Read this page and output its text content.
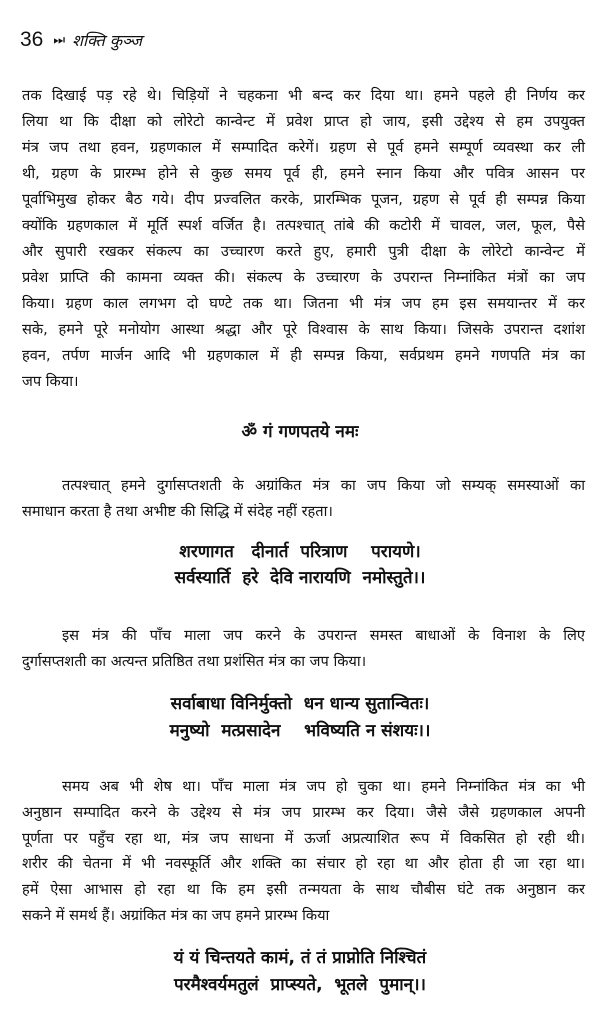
36 ⏭ शक्ति कुञ्ज
तक दिखाई पड़ रहे थे। चिड़ियों ने चहकना भी बन्द कर दिया था। हमने पहले ही निर्णय कर
लिया था कि दीक्षा को लोरेटो कान्वेन्ट में प्रवेश प्राप्त हो जाय, इसी उद्देश्य से हम उपयुक्त
मंत्र जप तथा हवन, ग्रहणकाल में सम्पादित करेगें। ग्रहण से पूर्व हमने सम्पूर्ण व्यवस्था कर ली
थी, ग्रहण के प्रारम्भ होने से कुछ समय पूर्व ही, हमने स्नान किया और पवित्र आसन पर
पूर्वाभिमुख होकर बैठ गये। दीप प्रज्वलित करके, प्रारम्भिक पूजन, ग्रहण से पूर्व ही सम्पन्न किया
क्योंकि ग्रहणकाल में मूर्ति स्पर्श वर्जित है। तत्पश्चात् तांबे की कटोरी में चावल, जल, फूल, पैसे
और सुपारी रखकर संकल्प का उच्चारण करते हुए, हमारी पुत्री दीक्षा के लोरेटो कान्वेन्ट में
प्रवेश प्राप्ति की कामना व्यक्त की। संकल्प के उच्चारण के उपरान्त निम्नांकित मंत्रों का जप
किया। ग्रहण काल लगभग दो घण्टे तक था। जितना भी मंत्र जप हम इस समयान्तर में कर
सके, हमने पूरे मनोयोग आस्था श्रद्धा और पूरे विश्वास के साथ किया। जिसके उपरान्त दशांश
हवन, तर्पण मार्जन आदि भी ग्रहणकाल में ही सम्पन्न किया, सर्वप्रथम हमने गणपति मंत्र का
जप किया।
ॐ गं गणपतये नमः
तत्पश्चात् हमने दुर्गासप्तशती के अग्रांकित मंत्र का जप किया जो सम्यक् समस्याओं का
समाधान करता है तथा अभीष्ट की सिद्धि में संदेह नहीं रहता।
शरणागत   दीनार्त  परित्राण    परायणे।
सर्वस्यार्ति  हरे  देवि नारायणि  नमोस्तुते।।
इस मंत्र की पाँच माला जप करने के उपरान्त समस्त बाधाओं के विनाश के लिए
दुर्गासप्तशती का अत्यन्त प्रतिष्ठित तथा प्रशंसित मंत्र का जप किया।
सर्वाबाधा विनिर्मुक्तो  धन धान्य सुतान्वितः।
मनुष्यो  मत्प्रसादेन    भविष्यति न संशयः।।
समय अब भी शेष था। पाँच माला मंत्र जप हो चुका था। हमने निम्नांकित मंत्र का भी
अनुष्ठान सम्पादित करने के उद्देश्य से मंत्र जप प्रारम्भ कर दिया। जैसे जैसे ग्रहणकाल अपनी
पूर्णता पर पहुँच रहा था, मंत्र जप साधना में ऊर्जा अप्रत्याशित रूप में विकसित हो रही थी।
शरीर की चेतना में भी नवस्फूर्ति और शक्ति का संचार हो रहा था और होता ही जा रहा था।
हमें ऐसा आभास हो रहा था कि हम इसी तन्मयता के साथ चौबीस घंटे तक अनुष्ठान कर
सकने में समर्थ हैं। अग्रांकित मंत्र का जप हमने प्रारम्भ किया
यं यं चिन्तयते कामं, तं तं प्राप्नोति निश्चितं
परमैश्वर्यमतुलं  प्राप्स्यते,  भूतले  पुमान्।।
